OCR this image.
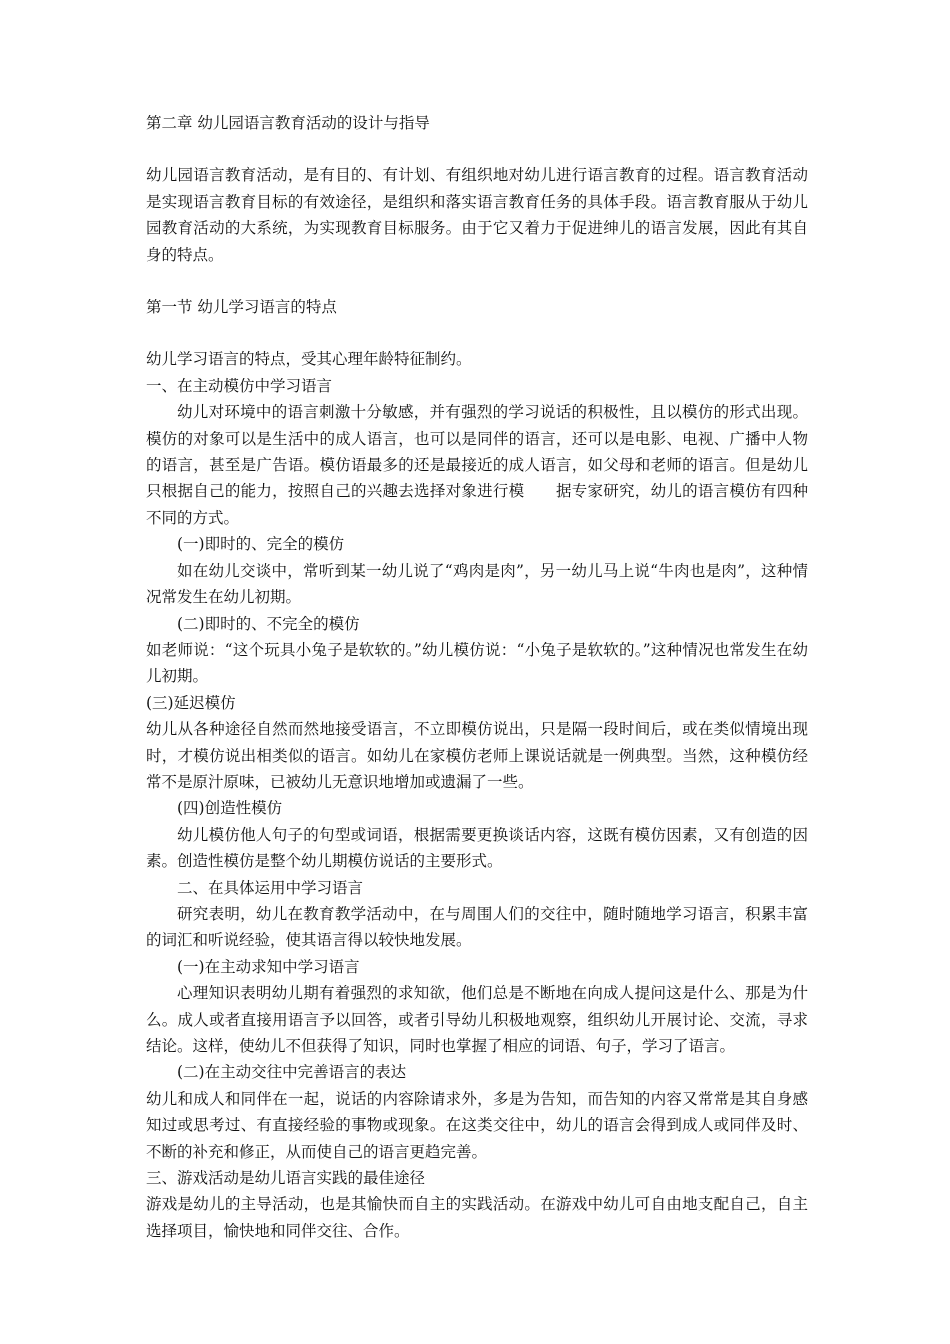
第二章 幼儿园语言教育活动的设计与指导

幼儿园语言教育活动，是有目的、有计划、有组织地对幼儿进行语言教育的过程。语言教育活动是实现语言教育目标的有效途径，是组织和落实语言教育任务的具体手段。语言教育服从于幼儿园教育活动的大系统，为实现教育目标服务。由于它又着力于促进绅儿的语言发展，因此有其自身的特点。

第一节 幼儿学习语言的特点

幼儿学习语言的特点，受其心理年龄特征制约。

一、在主动模仿中学习语言

幼儿对环境中的语言刺激十分敏感，并有强烈的学习说话的积极性，且以模仿的形式出现。模仿的对象可以是生活中的成人语言，也可以是同伴的语言，还可以是电影、电视、广播中人物的语言，甚至是广告语。模仿语最多的还是最接近的成人语言，如父母和老师的语言。但是幼儿只根据自己的能力，按照自己的兴趣去选择对象进行模　　据专家研究，幼儿的语言模仿有四种不同的方式。

(一)即时的、完全的模仿

如在幼儿交谈中，常听到某一幼儿说了“鸡肉是肉”，另一幼儿马上说“牛肉也是肉”，这种情况常发生在幼儿初期。

(二)即时的、不完全的模仿

如老师说：“这个玩具小兔子是软软的。”幼儿模仿说：“小兔子是软软的。”这种情况也常发生在幼儿初期。

(三)延迟模仿

幼儿从各种途径自然而然地接受语言，不立即模仿说出，只是隔一段时间后，或在类似情境出现时，才模仿说出相类似的语言。如幼儿在家模仿老师上课说话就是一例典型。当然，这种模仿经常不是原汁原味，已被幼儿无意识地增加或遗漏了一些。

(四)创造性模仿

幼儿模仿他人句子的句型或词语，根据需要更换谈话内容，这既有模仿因素，又有创造的因素。创造性模仿是整个幼儿期模仿说话的主要形式。

二、在具体运用中学习语言

研究表明，幼儿在教育教学活动中，在与周围人们的交往中，随时随地学习语言，积累丰富的词汇和听说经验，使其语言得以较快地发展。

(一)在主动求知中学习语言

心理知识表明幼儿期有着强烈的求知欲，他们总是不断地在向成人提问这是什么、那是为什么。成人或者直接用语言予以回答，或者引导幼儿积极地观察，组织幼儿开展讨论、交流，寻求结论。这样，使幼儿不但获得了知识，同时也掌握了相应的词语、句子，学习了语言。

(二)在主动交往中完善语言的表达

幼儿和成人和同伴在一起，说话的内容除请求外，多是为告知，而告知的内容又常常是其自身感知过或思考过、有直接经验的事物或现象。在这类交往中，幼儿的语言会得到成人或同伴及时、不断的补充和修正，从而使自己的语言更趋完善。

三、游戏活动是幼儿语言实践的最佳途径

游戏是幼儿的主导活动，也是其愉快而自主的实践活动。在游戏中幼儿可自由地支配自己，自主选择项目，愉快地和同伴交往、合作。
